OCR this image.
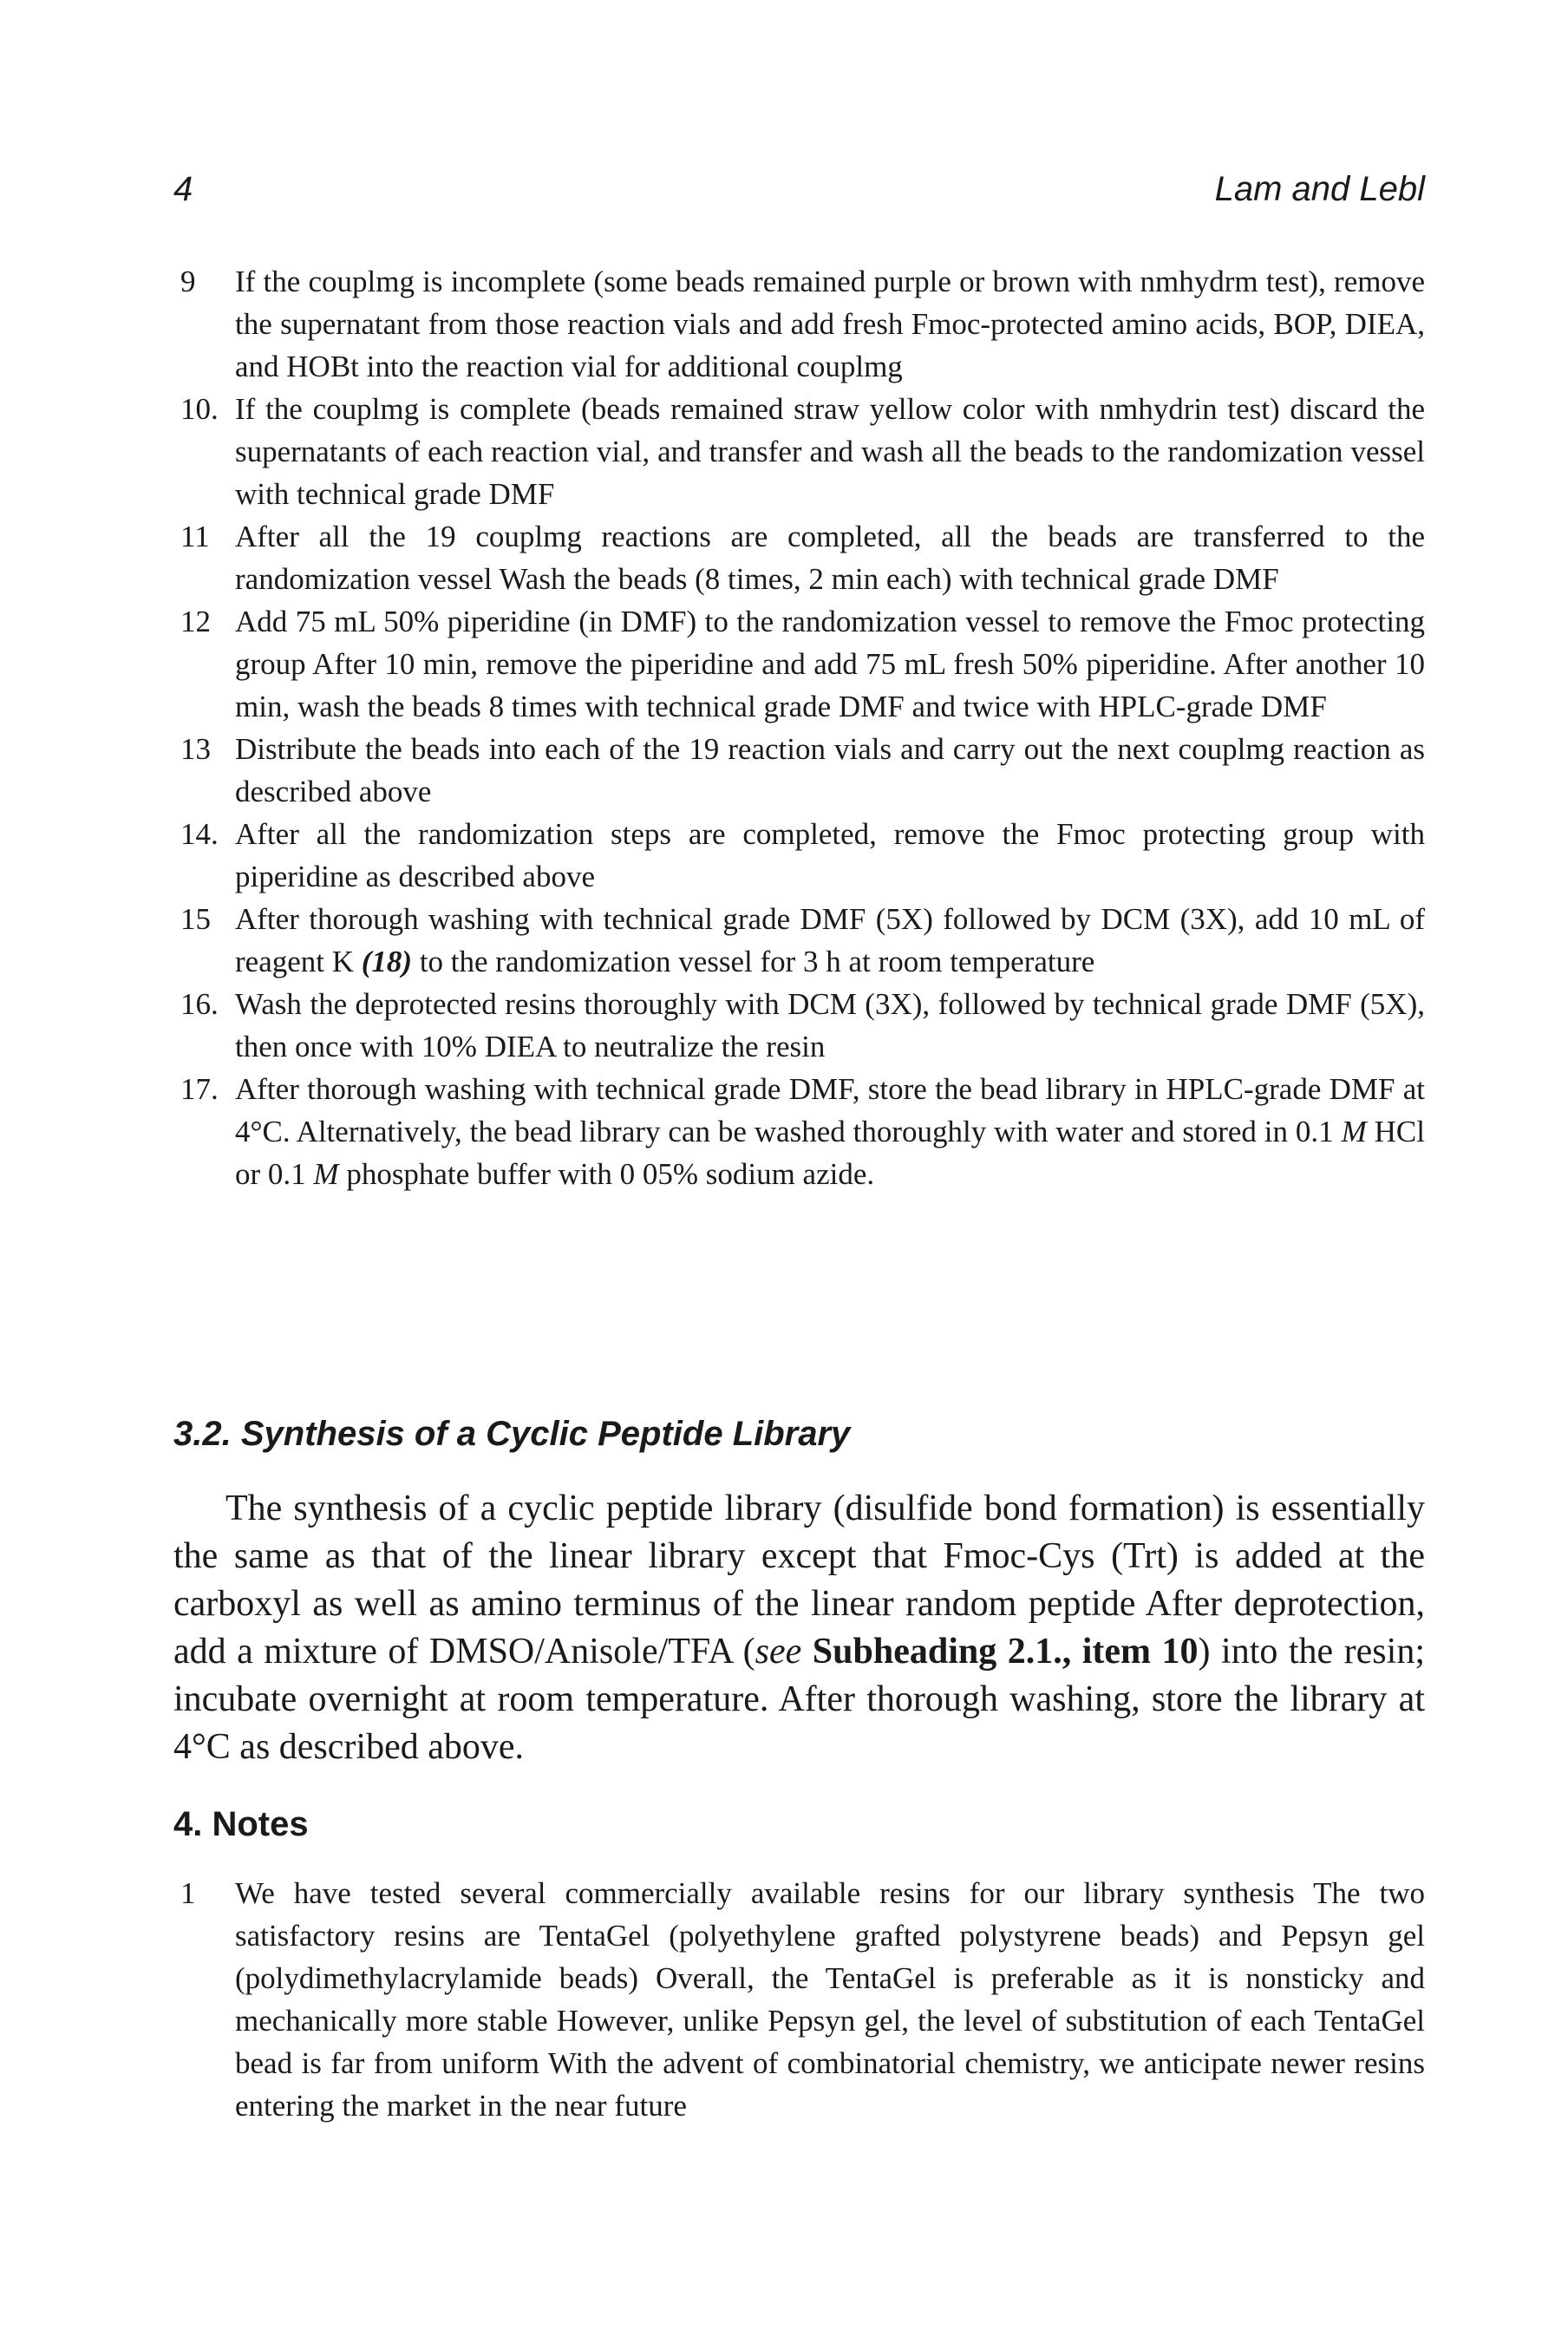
4	Lam and Lebl
9 If the couplmg is incomplete (some beads remained purple or brown with nmhydrm test), remove the supernatant from those reaction vials and add fresh Fmoc-protected amino acids, BOP, DIEA, and HOBt into the reaction vial for additional couplmg
10. If the couplmg is complete (beads remained straw yellow color with nmhydrin test) discard the supernatants of each reaction vial, and transfer and wash all the beads to the randomization vessel with technical grade DMF
11 After all the 19 couplmg reactions are completed, all the beads are transferred to the randomization vessel Wash the beads (8 times, 2 min each) with technical grade DMF
12 Add 75 mL 50% piperidine (in DMF) to the randomization vessel to remove the Fmoc protecting group After 10 min, remove the piperidine and add 75 mL fresh 50% piperidine. After another 10 min, wash the beads 8 times with technical grade DMF and twice with HPLC-grade DMF
13 Distribute the beads into each of the 19 reaction vials and carry out the next couplmg reaction as described above
14. After all the randomization steps are completed, remove the Fmoc protecting group with piperidine as described above
15 After thorough washing with technical grade DMF (5X) followed by DCM (3X), add 10 mL of reagent K (18) to the randomization vessel for 3 h at room temperature
16. Wash the deprotected resins thoroughly with DCM (3X), followed by technical grade DMF (5X), then once with 10% DIEA to neutralize the resin
17. After thorough washing with technical grade DMF, store the bead library in HPLC-grade DMF at 4°C. Alternatively, the bead library can be washed thoroughly with water and stored in 0.1 M HCl or 0.1 M phosphate buffer with 0 05% sodium azide.
3.2. Synthesis of a Cyclic Peptide Library

The synthesis of a cyclic peptide library (disulfide bond formation) is essentially the same as that of the linear library except that Fmoc-Cys (Trt) is added at the carboxyl as well as amino terminus of the linear random peptide After deprotection, add a mixture of DMSO/Anisole/TFA (see Subheading 2.1., item 10) into the resin; incubate overnight at room temperature. After thorough washing, store the library at 4°C as described above.

4. Notes
1 We have tested several commercially available resins for our library synthesis The two satisfactory resins are TentaGel (polyethylene grafted polystyrene beads) and Pepsyn gel (polydimethylacrylamide beads) Overall, the TentaGel is preferable as it is nonsticky and mechanically more stable However, unlike Pepsyn gel, the level of substitution of each TentaGel bead is far from uniform With the advent of combinatorial chemistry, we anticipate newer resins entering the market in the near future
